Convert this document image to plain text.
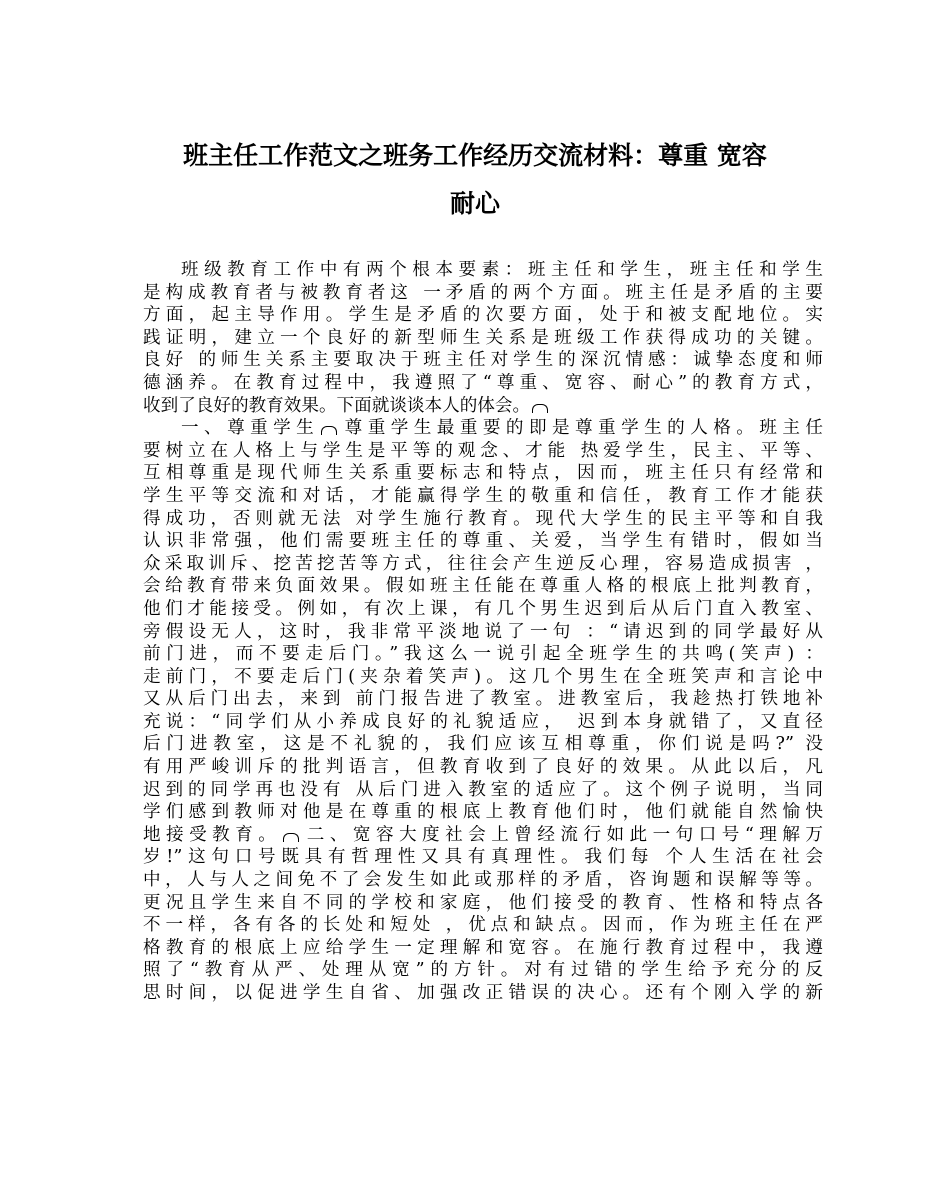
班主任工作范文之班务工作经历交流材料：尊重 宽容
耐心
班级教育工作中有两个根本要素：班主任和学生，班主任和学生
是构成教育者与被教育者这 一矛盾的两个方面。班主任是矛盾的主要
方面，起主导作用。学生是矛盾的次要方面，处于和被支配地位。实
践证明，建立一个良好的新型师生关系是班级工作获得成功的关键。
良好 的师生关系主要取决于班主任对学生的深沉情感：诚挚态度和师
德涵养。在教育过程中，我遵照了“尊重、宽容、耐心”的教育方式，
收到了良好的教育效果。下面就谈谈本人的体会。
一、尊重学生 尊重学生最重要的即是尊重学生的人格。班主任
要树立在人格上与学生是平等的观念、才能 热爱学生，民主、平等、
互相尊重是现代师生关系重要标志和特点，因而，班主任只有经常和
学生平等交流和对话，才能赢得学生的敬重和信任，教育工作才能获
得成功，否则就无法 对学生施行教育。现代大学生的民主平等和自我
认识非常强，他们需要班主任的尊重、关爱，当学生有错时，假如当
众采取训斥、挖苦挖苦等方式，往往会产生逆反心理，容易造成损害 ，
会给教育带来负面效果。假如班主任能在尊重人格的根底上批判教育，
他们才能接受。例如，有次上课，有几个男生迟到后从后门直入教室、
旁假设无人，这时，我非常平淡地说了一句 ：“请迟到的同学最好从
前门进，而不要走后门。”我这么一说引起全班学生的共鸣(笑声) ：
走前门，不要走后门(夹杂着笑声)。这几个男生在全班笑声和言论中
又从后门出去，来到 前门报告进了教室。进教室后，我趁热打铁地补
充说：“同学们从小养成良好的礼貌适应， 迟到本身就错了，又直径
后门进教室，这是不礼貌的，我们应该互相尊重，你们说是吗?” 没
有用严峻训斥的批判语言，但教育收到了良好的效果。从此以后，凡
迟到的同学再也没有 从后门进入教室的适应了。这个例子说明，当同
学们感到教师对他是在尊重的根底上教育他们时，他们就能自然愉快
地接受教育。 二、宽容大度社会上曾经流行如此一句口号“理解万
岁!”这句口号既具有哲理性又具有真理性。我们每 个人生活在社会
中，人与人之间免不了会发生如此或那样的矛盾，咨询题和误解等等。
更况且学生来自不同的学校和家庭，他们接受的教育、性格和特点各
不一样，各有各的长处和短处 ，优点和缺点。因而，作为班主任在严
格教育的根底上应给学生一定理解和宽容。在施行教育过程中，我遵
照了“教育从严、处理从宽”的方针。对有过错的学生给予充分的反
思时间，以促进学生自省、加强改正错误的决心。还有个刚入学的新
